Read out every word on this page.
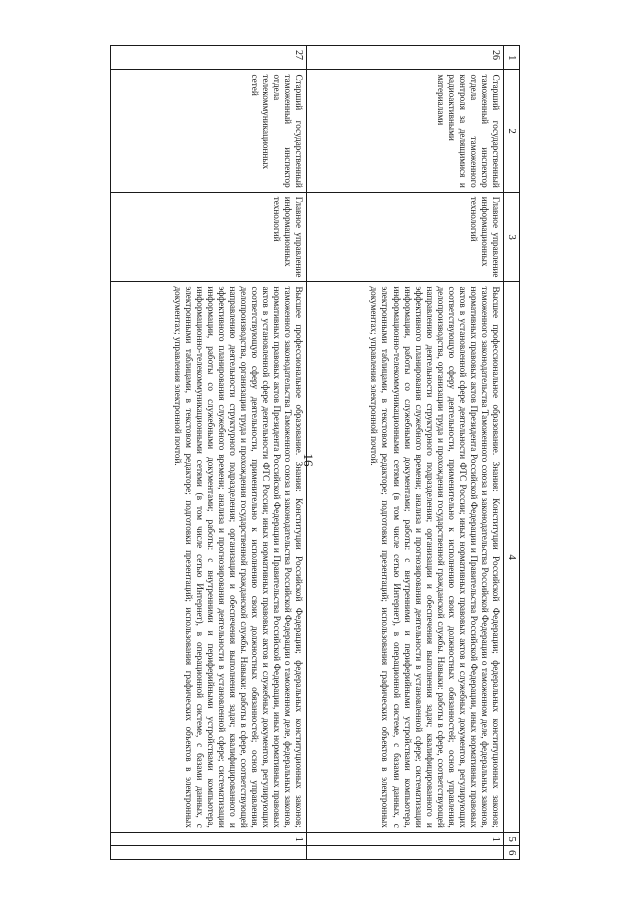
16
1	2	3	4	5	6
26	Старший государственный таможенный инспектор отдела таможенного контроля за делящимися и радиоактивными материалами	Главное управление информационных технологий	Высшее профессиональное образование. Знания: Конституции Российской Федерации; федеральных конституционных законов; таможенного законодательства Таможенного союза и законодательства Российской Федерации о таможенном деле, федеральных законов, нормативных правовых актов Президента Российской Федерации и Правительства Российской Федерации, иных нормативных правовых актов в установленной сфере деятельности ФТС России; иных нормативных правовых актов и служебных документов, регулирующих соответствующую сферу деятельности, применительно к исполнению своих должностных обязанностей; основ управления, делопроизводства, организации труда и прохождения государственной гражданской службы. Навыки: работы в сфере, соответствующей направлению деятельности структурного подразделения; организации и обеспечения выполнения задач; квалифицированного и эффективного планирования служебного времени; анализа и прогнозирования деятельности в установленной сфере; систематизации информации, работы со служебными документами; работы: с внутренними и периферийными устройствами компьютера, информационно-телекоммуникационными сетями (в том числе сетью Интернет), в операционной системе, с базами данных, с электронными таблицами, в текстовом редакторе; подготовки презентаций; использования графических объектов в электронных документах; управления электронной почтой.	1	
27	Старший государственный таможенный инспектор отдела телекоммуникационных сетей	Главное управление информационных технологий	Высшее профессиональное образование. Знания: Конституции Российской Федерации; федеральных конституционных законов; таможенного законодательства Таможенного союза и законодательства Российской Федерации о таможенном деле, федеральных законов, нормативных правовых актов Президента Российской Федерации и Правительства Российской Федерации, иных нормативных правовых актов в установленной сфере деятельности ФТС России; иных нормативных правовых актов и служебных документов, регулирующих соответствующую сферу деятельности, применительно к исполнению своих должностных обязанностей; основ управления, делопроизводства, организации труда и прохождения государственной гражданской службы. Навыки: работы в сфере, соответствующей направлению деятельности структурного подразделения; организации и обеспечения выполнения задач; квалифицированного и эффективного планирования служебного времени; анализа и прогнозирования деятельности в установленной сфере; систематизации информации, работы со служебными документами; работы: с внутренними и периферийными устройствами компьютера, информационно-телекоммуникационными сетями (в том числе сетью Интернет), в операционной системе, с базами данных, с электронными таблицами, в текстовом редакторе; подготовки презентаций; использования графических объектов в электронных документах; управления электронной почтой.	1	
